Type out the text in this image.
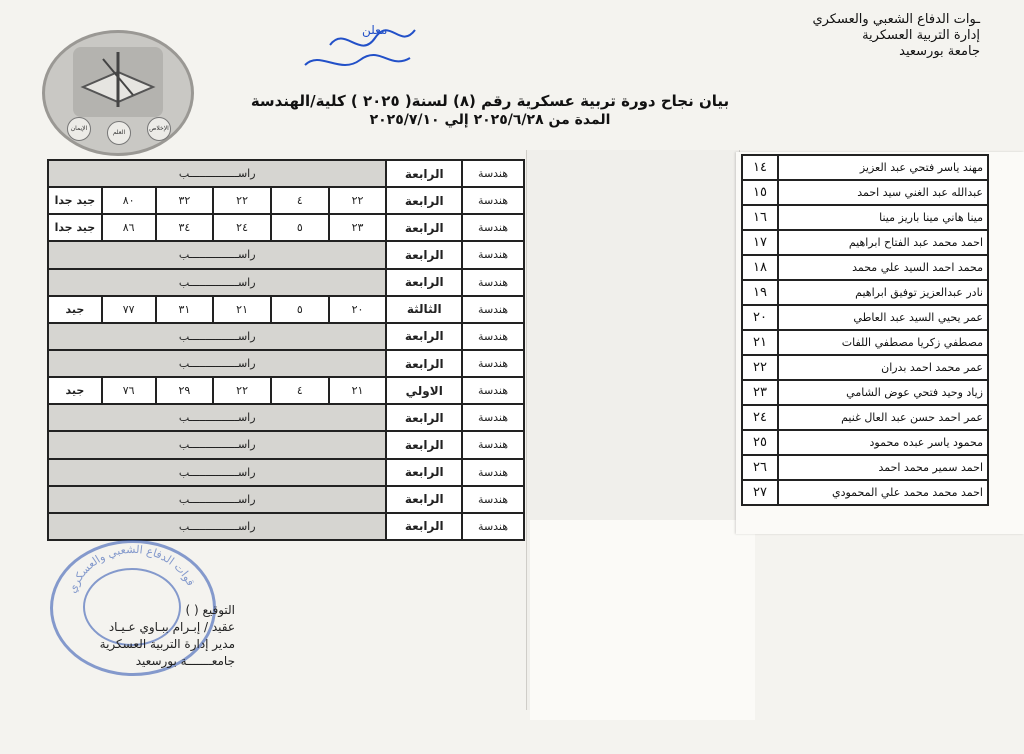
ـوات الدفاع الشعبي والعسكري
إدارة التربية العسكرية
جامعة بورسعيد
الإيمان
العلم
الإخلاص
معلن
بيان نجاح دورة تربية عسكرية رقم (٨) لسنة( ٢٠٢٥ ) كلية/الهندسة
المدة من ٢٠٢٥/٦/٢٨ إلي ٢٠٢٥/٧/١٠
راســـــــــــــــب						الرابعة	هندسة
جيد جدا	٨٠	٣٢	٢٢	٤	٢٢	الرابعة	هندسة
جيد جدا	٨٦	٣٤	٢٤	٥	٢٣	الرابعة	هندسة
راســـــــــــــــب						الرابعة	هندسة
راســـــــــــــــب						الرابعة	هندسة
جيد	٧٧	٣١	٢١	٥	٢٠	الثالثة	هندسة
راســـــــــــــــب						الرابعة	هندسة
راســـــــــــــــب						الرابعة	هندسة
جيد	٧٦	٢٩	٢٢	٤	٢١	الاولي	هندسة
راســـــــــــــــب						الرابعة	هندسة
راســـــــــــــــب						الرابعة	هندسة
راســـــــــــــــب						الرابعة	هندسة
راســـــــــــــــب						الرابعة	هندسة
راســـــــــــــــب						الرابعة	هندسة
١٤	مهند ياسر فتحي عبد العزيز
١٥	عبدالله عبد الغني سيد احمد
١٦	مينا هاني مينا باريز مينا
١٧	احمد محمد عبد الفتاح ابراهيم
١٨	محمد احمد السيد علي محمد
١٩	نادر عبدالعزيز توفيق ابراهيم
٢٠	عمر يحيي السيد عبد العاطي
٢١	مصطفي زكريا مصطفي اللفات
٢٢	عمر محمد احمد بدران
٢٣	زياد وحيد فتحي عوض الشامي
٢٤	عمر احمد حسن عبد العال غنيم
٢٥	محمود ياسر عبده محمود
٢٦	احمد سمير محمد احمد
٢٧	احمد محمد محمد علي المحمودي
قوات الدفاع الشعبي والعسكري
التوقيع ( )
عقيد / إبـرام ببـاوي عـيـاد
مدير إدارة التربية العسكرية
جامعـــــــة بورسعيد
